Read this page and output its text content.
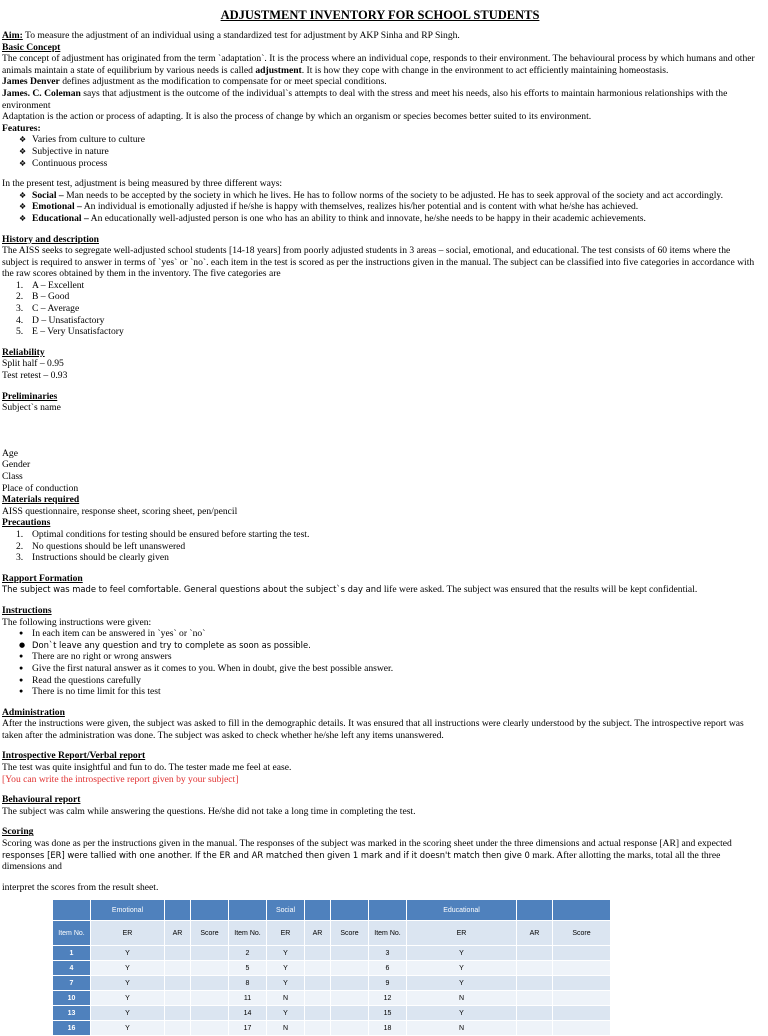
ADJUSTMENT INVENTORY FOR SCHOOL STUDENTS

Aim: To measure the adjustment of an individual using a standardized test for adjustment by AKP Sinha and RP Singh.

Basic Concept

The concept of adjustment has originated from the term `adaptation`. It is the process where an individual cope, responds to their environment. The behavioural process by which humans and other animals maintain a state of equilibrium by various needs is called adjustment. It is how they cope with change in the environment to act efficiently maintaining homeostasis.

James Denver defines adjustment as the modification to compensate for or meet special conditions.

James. C. Coleman says that adjustment is the outcome of the individual`s attempts to deal with the stress and meet his needs, also his efforts to maintain harmonious relationships with the environment

Adaptation is the action or process of adapting. It is also the process of change by which an organism or species becomes better suited to its environment.

Features:

❖ Varies from culture to culture
❖ Subjective in nature
❖ Continuous process

In the present test, adjustment is being measured by three different ways:

❖ Social – Man needs to be accepted by the society in which he lives. He has to follow norms of the society to be adjusted. He has to seek approval of the society and act accordingly.
❖ Emotional – An individual is emotionally adjusted if he/she is happy with themselves, realizes his/her potential and is content with what he/she has achieved.
❖ Educational – An educationally well-adjusted person is one who has an ability to think and innovate, he/she needs to be happy in their academic achievements.

History and description

The AISS seeks to segregate well-adjusted school students [14-18 years] from poorly adjusted students in 3 areas – social, emotional, and educational. The test consists of 60 items where the subject is required to answer in terms of `yes` or `no`. each item in the test is scored as per the instructions given in the manual. The subject can be classified into five categories in accordance with the raw scores obtained by them in the inventory. The five categories are

1. A – Excellent
2. B – Good
3. C – Average
4. D – Unsatisfactory
5. E – Very Unsatisfactory

Reliability

Split half – 0.95

Test retest – 0.93

Preliminaries

Subject`s name

Age

Gender

Class

Place of conduction

Materials required

AISS questionnaire, response sheet, scoring sheet, pen/pencil

Precautions

1. Optimal conditions for testing should be ensured before starting the test.
2. No questions should be left unanswered
3. Instructions should be clearly given

Rapport Formation

The subject was made to feel comfortable. General questions about the subject`s day and life were asked. The subject was ensured that the results will be kept confidential.

Instructions

The following instructions were given:

● In each item can be answered in `yes` or `no`
● Don`t leave any question and try to complete as soon as possible.
● There are no right or wrong answers
● Give the first natural answer as it comes to you. When in doubt, give the best possible answer.
● Read the questions carefully
● There is no time limit for this test

Administration

After the instructions were given, the subject was asked to fill in the demographic details. It was ensured that all instructions were clearly understood by the subject. The introspective report was taken after the administration was done. The subject was asked to check whether he/she left any items unanswered.

Introspective Report/Verbal report

The test was quite insightful and fun to do. The tester made me feel at ease.

[You can write the introspective report given by your subject]

Behavioural report

The subject was calm while answering the questions. He/she did not take a long time in completing the test.

Scoring

Scoring was done as per the instructions given in the manual. The responses of the subject was marked in the scoring sheet under the three dimensions and actual response [AR] and expected responses [ER] were tallied with one another. If the ER and AR matched then given 1 mark and if it doesn't match then give 0 mark. After allotting the marks, total all the three dimensions and

interpret the scores from the result sheet.

	Emotional				Social				Educational		
Item No.	ER	AR	Score	Item No.	ER	AR	Score	Item No.	ER	AR	Score
1	Y			2	Y			3	Y		
4	Y			5	Y			6	Y		
7	Y			8	Y			9	Y		
10	Y			11	N			12	N		
13	Y			14	Y			15	Y		
16	Y			17	N			18	N		
